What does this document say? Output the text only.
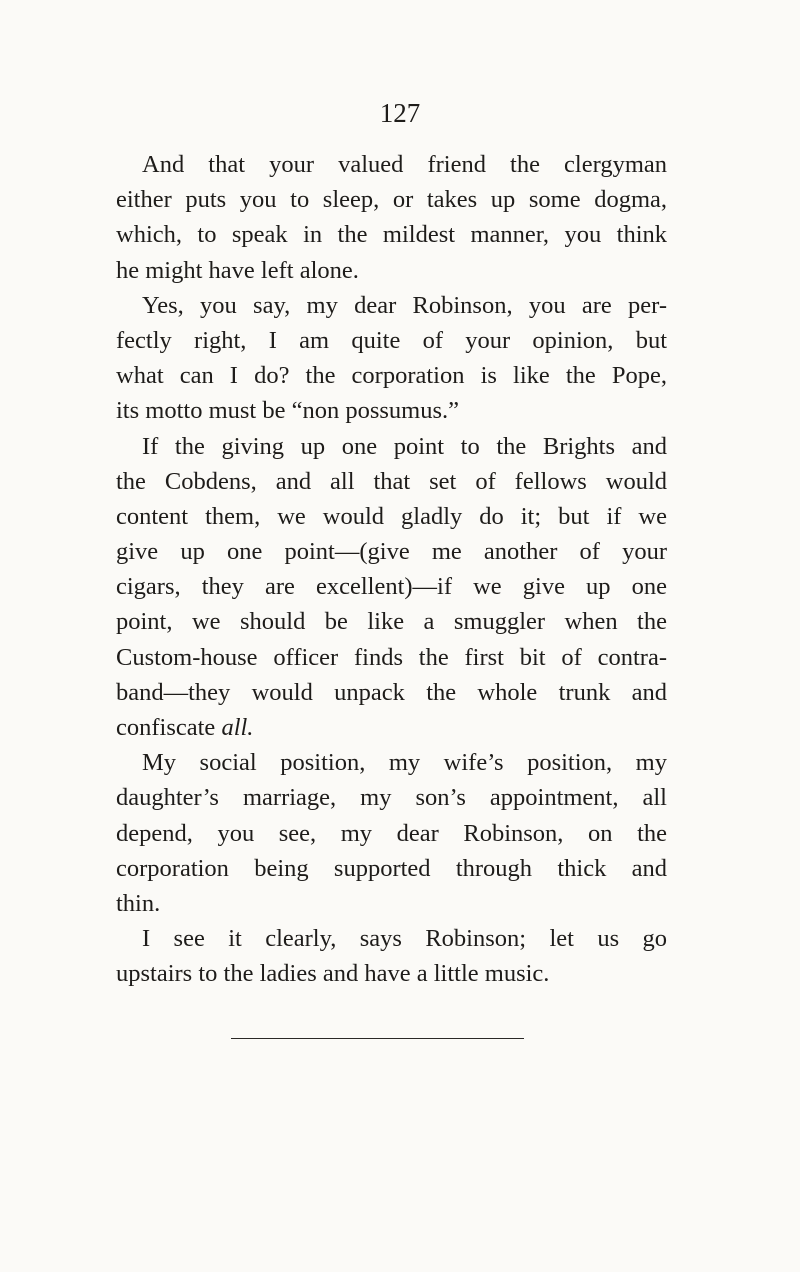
127
And that your valued friend the clergyman
either puts you to sleep, or takes up some dogma,
which, to speak in the mildest manner, you think
he might have left alone.
Yes, you say, my dear Robinson, you are per-
fectly right, I am quite of your opinion, but
what can I do? the corporation is like the Pope,
its motto must be “non possumus.”
If the giving up one point to the Brights and
the Cobdens, and all that set of fellows would
content them, we would gladly do it; but if we
give up one point—(give me another of your
cigars, they are excellent)—if we give up one
point, we should be like a smuggler when the
Custom-house officer finds the first bit of contra-
band—they would unpack the whole trunk and
confiscate all.
My social position, my wife’s position, my
daughter’s marriage, my son’s appointment, all
depend, you see, my dear Robinson, on the
corporation being supported through thick and
thin.
I see it clearly, says Robinson; let us go
upstairs to the ladies and have a little music.
